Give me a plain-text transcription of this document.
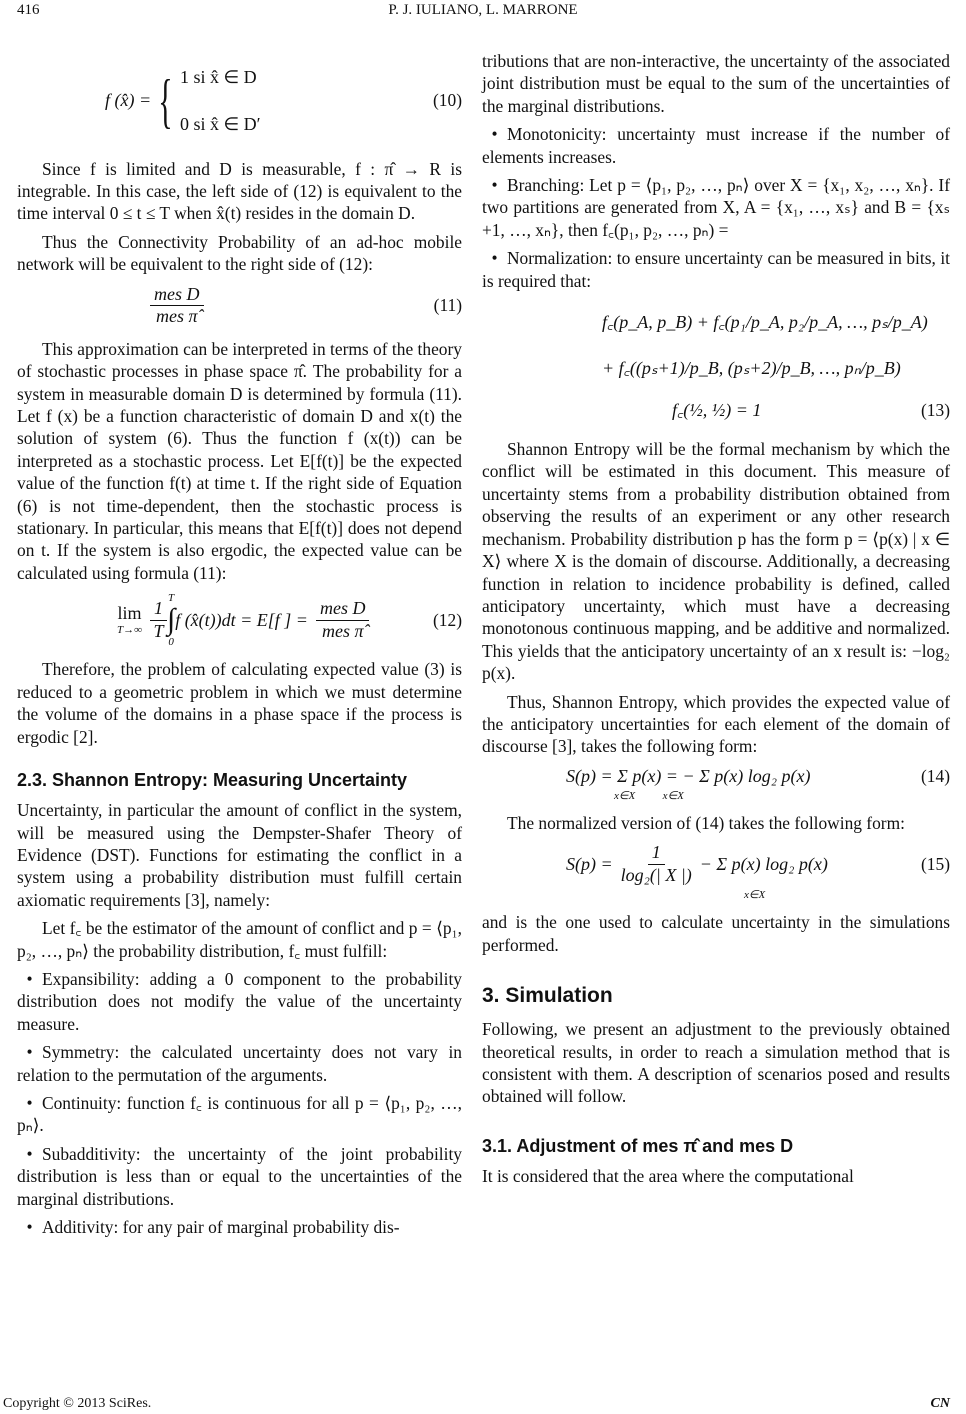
416	P. J. IULIANO, L. MARRONE
f (x̂) = { 1 si x̂ ∈ D
0 si x̂ ∈ D′
(10)

Since f is limited and D is measurable, f : π̂ → R is integrable. In this case, the left side of (12) is equivalent to the time interval 0 ≤ t ≤ T when x̂(t) resides in the domain D.

Thus the Connectivity Probability of an ad-hoc mobile network will be equivalent to the right side of (12):

$\frac{\text{mes D}}{\text{mes π̂}}$	(11)

This approximation can be interpreted in terms of the theory of stochastic processes in phase space π̂. The probability for a system in measurable domain D is determined by formula (11). Let f (x) be a function characteristic of domain D and x(t) the solution of system (6). Thus the function f (x(t)) can be interpreted as a stochastic process. Let E[f(t)] be the expected value of the function f(t) at time t. If the right side of Equation (6) is not time-dependent, then the stochastic process is stationary. In particular, this means that E[f(t)] does not depend on t. If the system is also ergodic, the expected value can be calculated using formula (11):

lim
$T\to\infty \frac{1}{T}$ T
∫
0
f (x̂(t))dt = E[f ] = $\frac{\text{mes D}}{\text{mes π̂}}$	(12)

Therefore, the problem of calculating expected value (3) is reduced to a geometric problem in which we must determine the volume of the domains in a phase space if the process is ergodic [2].

2.3. Shannon Entropy: Measuring Uncertainty

Uncertainty, in particular the amount of conflict in the system, will be measured using the Dempster-Shafer Theory of Evidence (DST). Functions for estimating the conflict in a system using a probability distribution must fulfill certain axiomatic requirements [3], namely:

Let f꜀ be the estimator of the amount of conflict and p = ⟨p₁, p₂, …, pₙ⟩ the probability distribution, f꜀ must fulfill:

• Expansibility: adding a 0 component to the probability distribution does not modify the value of the uncertainty measure.

• Symmetry: the calculated uncertainty does not vary in relation to the permutation of the arguments.

• Continuity: function f꜀ is continuous for all p = ⟨p₁, p₂, …, pₙ⟩.

• Subadditivity: the uncertainty of the joint probability distribution is less than or equal to the uncertainties of the marginal distributions.

• Additivity: for any pair of marginal probability dis-

tributions that are non-interactive, the uncertainty of the associated joint distribution must be equal to the sum of the uncertainties of the marginal distributions.

• Monotonicity: uncertainty must increase if the number of elements increases.

• Branching: Let p = ⟨p₁, p₂, …, pₙ⟩ over X = {x₁, x₂, …, xₙ}. If two partitions are generated from X, A = {x₁, …, xₛ} and B = {xₛ +1, …, xₙ}, then f꜀(p₁, p₂, …, pₙ) =

• Normalization: to ensure uncertainty can be measured in bits, it is required that:

f꜀(p_A, p_B) + f꜀(p₁/p_A, p₂/p_A, …, pₛ/p_A)
+ f꜀((pₛ+1)/p_B, (pₛ+2)/p_B, …, pₙ/p_B)
f꜀(½, ½) = 1	(13)

Shannon Entropy will be the formal mechanism by which the conflict will be estimated in this document. This measure of uncertainty stems from a probability distribution obtained from observing the results of an experiment or any other research mechanism. Probability distribution p has the form p = ⟨p(x) | x ∈ X⟩ where X is the domain of discourse. Additionally, a decreasing function in relation to incidence probability is defined, called anticipatory uncertainty, which must have a decreasing monotonous continuous mapping, and be additive and normalized. This yields that the anticipatory uncertainty of an x result is: −log₂ p(x).

Thus, Shannon Entropy, which provides the expected value of the anticipatory uncertainties for each element of the domain of discourse [3], takes the following form:

S(p) = Σ p(x) = − Σ p(x) log₂ p(x)	(14)
x∈X          x∈X

The normalized version of (14) takes the following form:

$S(p) = \frac{1}{\text{log₂(| X |)}} - \Sigma$ p(x) log₂ p(x)	(15)
x∈X

and is the one used to calculate uncertainty in the simulations performed.

3. Simulation

Following, we present an adjustment to the previously obtained theoretical results, in order to reach a simulation method that is consistent with them. A description of scenarios posed and results obtained will follow.

3.1. Adjustment of mes π̂ and mes D

It is considered that the area where the computational

Copyright © 2013 SciRes.	CN
